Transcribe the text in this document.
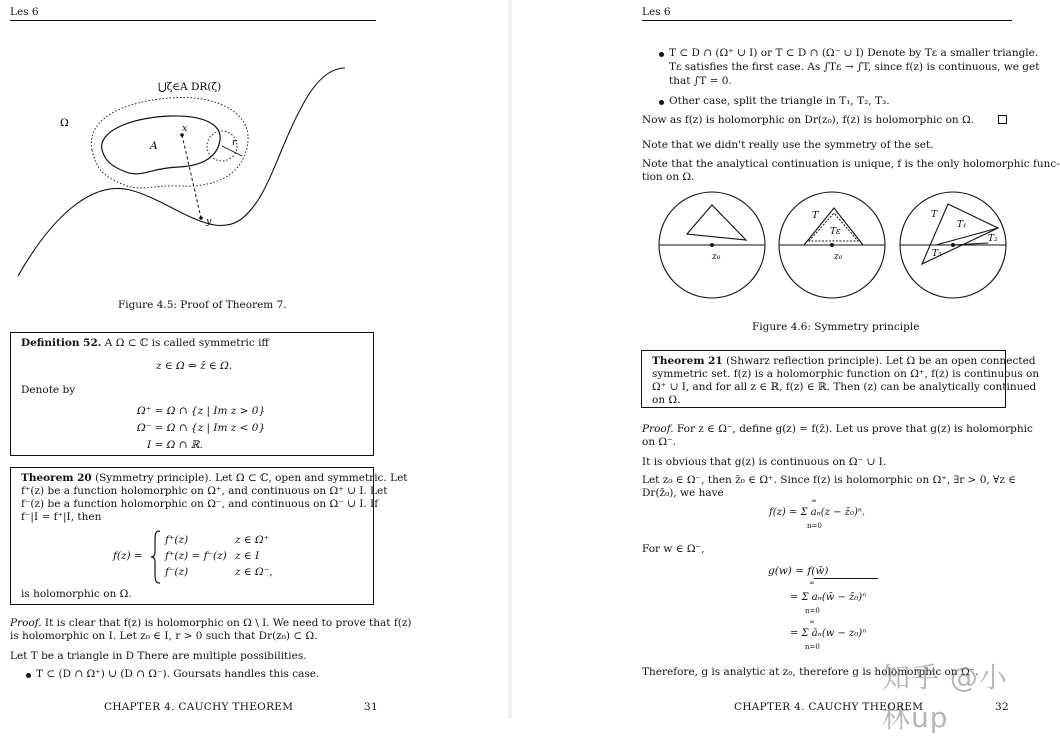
Les 6
⋃ζ∈A DR(ζ)
Ω
A
x
y
r
Figure 4.5: Proof of Theorem 7.
Definition 52. A Ω ⊂ ℂ is called symmetric iff
z ∈ Ω ⇔ z̄ ∈ Ω.
Denote by
Ω⁺ = Ω ∩ {z | Im z > 0}
Ω⁻ = Ω ∩ {z | Im z < 0}
I = Ω ∩ ℝ.
Theorem 20 (Symmetry principle). Let Ω ⊂ ℂ, open and symmetric. Let
f⁺(z) be a function holomorphic on Ω⁺, and continuous on Ω⁺ ∪ I. Let
f⁻(z) be a function holomorphic on Ω⁻, and continuous on Ω⁻ ∪ I. If
f⁻|I = f⁺|I, then
f(z) =
f⁺(z)	z ∈ Ω⁺
f⁺(z) = f⁻(z) z ∈ I
f⁻(z)	z ∈ Ω⁻,
is holomorphic on Ω.
Proof. It is clear that f(z) is holomorphic on Ω \ I. We need to prove that f(z)
is holomorphic on I. Let z₀ ∈ I, r > 0 such that Dr(z₀) ⊂ Ω.
Let T be a triangle in D There are multiple possibilities.
T ⊂ (D ∩ Ω⁺) ∪ (D ∩ Ω⁻). Goursats handles this case.
CHAPTER 4. CAUCHY THEOREM	31
Les 6
T ⊂ D ∩ (Ω⁺ ∪ I) or T ⊂ D ∩ (Ω⁻ ∪ I) Denote by Tε a smaller triangle.
Tε satisfies the first case. As ∫Tε → ∫T, since f(z) is continuous, we get
that ∫T = 0.
Other case, split the triangle in T₁, T₂, T₃.
Now as f(z) is holomorphic on Dr(z₀), f(z) is holomorphic on Ω.
Note that we didn't really use the symmetry of the set.
Note that the analytical continuation is unique, f is the only holomorphic func-
tion on Ω.
z₀
T
Tε
z₀
T
T₁
T₂
T₃
Figure 4.6: Symmetry principle
Theorem 21 (Shwarz reflection principle). Let Ω be an open connected
symmetric set. f(z) is a holomorphic function on Ω⁺, f(z) is continuous on
Ω⁺ ∪ I, and for all z ∈ ℝ, f(z) ∈ ℝ. Then (z) can be analytically continued
on Ω.
Proof. For z ∈ Ω⁻, define g(z) = f(z̄). Let us prove that g(z) is holomorphic
on Ω⁻.
It is obvious that g(z) is continuous on Ω⁻ ∪ I.
Let z₀ ∈ Ω⁻, then z̄₀ ∈ Ω⁺. Since f(z) is holomorphic on Ω⁺, ∃r > 0, ∀z ∈
Dr(z̄₀), we have
f(z) = Σ aₙ(z − z̄₀)ⁿ.
∞
n=0
For w ∈ Ω⁻,
g(w) = f(w̄)
∞
= Σ aₙ(w̄ − z̄₀)ⁿ
n=0
∞
= Σ āₙ(w − z₀)ⁿ
n=0
Therefore, g is analytic at z₀, therefore g is holomorphic on Ω⁻.
知乎 @小林up
CHAPTER 4. CAUCHY THEOREM	32
